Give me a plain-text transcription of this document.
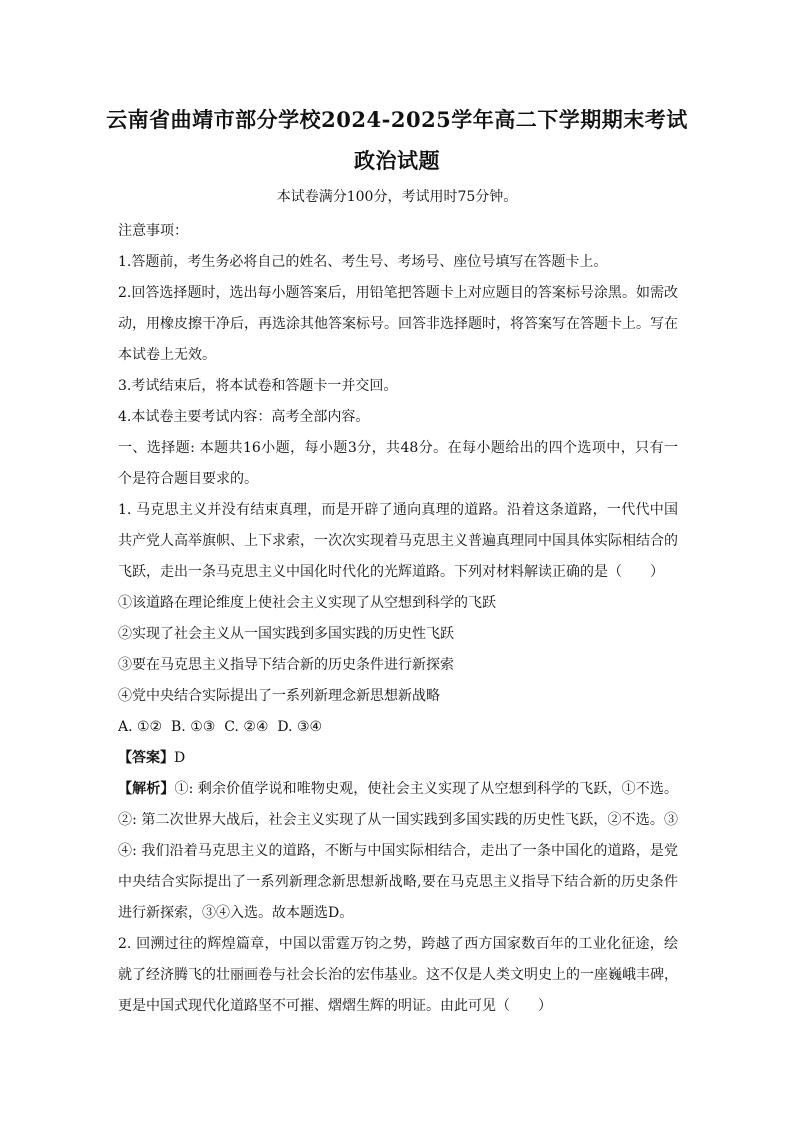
云南省曲靖市部分学校2024-2025学年高二下学期期末考试
政治试题
本试卷满分100分，考试用时75分钟。
注意事项：
1.答题前，考生务必将自己的姓名、考生号、考场号、座位号填写在答题卡上。
2.回答选择题时，选出每小题答案后，用铅笔把答题卡上对应题目的答案标号涂黑。如需改
动，用橡皮擦干净后，再选涂其他答案标号。回答非选择题时，将答案写在答题卡上。写在
本试卷上无效。
3.考试结束后，将本试卷和答题卡一并交回。
4.本试卷主要考试内容：高考全部内容。
一、选择题: 本题共16小题，每小题3分，共48分。在每小题给出的四个选项中，只有一
个是符合题目要求的。
1. 马克思主义并没有结束真理，而是开辟了通向真理的道路。沿着这条道路，一代代中国
共产党人高举旗帜、上下求索，一次次实现着马克思主义普遍真理同中国具体实际相结合的
飞跃，走出一条马克思主义中国化时代化的光辉道路。下列对材料解读正确的是（　　）
①该道路在理论维度上使社会主义实现了从空想到科学的飞跃
②实现了社会主义从一国实践到多国实践的历史性飞跃
③要在马克思主义指导下结合新的历史条件进行新探索
④党中央结合实际提出了一系列新理念新思想新战略
A. ①②  B. ①③  C. ②④  D. ③④
【答案】D
【解析】①: 剩余价值学说和唯物史观，使社会主义实现了从空想到科学的飞跃，①不选。
②: 第二次世界大战后，社会主义实现了从一国实践到多国实践的历史性飞跃，②不选。③
④: 我们沿着马克思主义的道路，不断与中国实际相结合，走出了一条中国化的道路，是党
中央结合实际提出了一系列新理念新思想新战略,要在马克思主义指导下结合新的历史条件
进行新探索，③④入选。故本题选D。
2. 回溯过往的辉煌篇章，中国以雷霆万钧之势，跨越了西方国家数百年的工业化征途，绘
就了经济腾飞的壮丽画卷与社会长治的宏伟基业。这不仅是人类文明史上的一座巍峨丰碑，
更是中国式现代化道路坚不可摧、熠熠生辉的明证。由此可见（　　）
